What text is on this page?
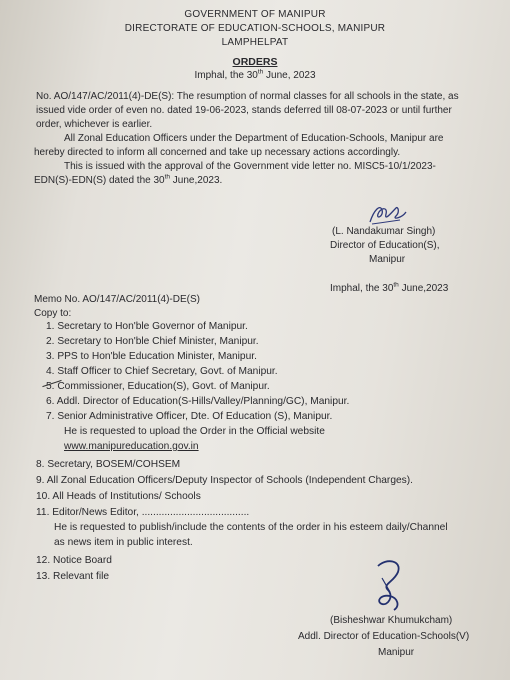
GOVERNMENT OF MANIPUR
DIRECTORATE OF EDUCATION-SCHOOLS, MANIPUR
LAMPHELPAT
ORDERS
Imphal, the 30th June, 2023
No. AO/147/AC/2011(4)-DE(S): The resumption of normal classes for all schools in the state, as
issued vide order of even no. dated 19-06-2023, stands deferred till 08-07-2023 or until further
order, whichever is earlier.
All Zonal Education Officers under the Department of Education-Schools, Manipur are
hereby directed to inform all concerned and take up necessary actions accordingly.
This is issued with the approval of the Government vide letter no. MISC5-10/1/2023-
EDN(S)-EDN(S) dated the 30th June,2023.
(L. Nandakumar Singh)
Director of Education(S),
Manipur
Imphal, the 30th June,2023
Memo No. AO/147/AC/2011(4)-DE(S)
Copy to:
1. Secretary to Hon'ble Governor of Manipur.
2. Secretary to Hon'ble Chief Minister, Manipur.
3. PPS to Hon'ble Education Minister, Manipur.
4. Staff Officer to Chief Secretary, Govt. of Manipur.
5. Commissioner, Education(S), Govt. of Manipur.
6. Addl. Director of Education(S-Hills/Valley/Planning/GC), Manipur.
7. Senior Administrative Officer, Dte. Of Education (S), Manipur.
He is requested to upload the Order in the Official website
www.manipureducation.gov.in
8. Secretary, BOSEM/COHSEM
9. All Zonal Education Officers/Deputy Inspector of Schools (Independent Charges).
10. All Heads of Institutions/ Schools
11. Editor/News Editor, ......................................
He is requested to publish/include the contents of the order in his esteem daily/Channel
as news item in public interest.
12. Notice Board
13. Relevant file
(Bisheshwar Khumukcham)
Addl. Director of Education-Schools(V)
Manipur
